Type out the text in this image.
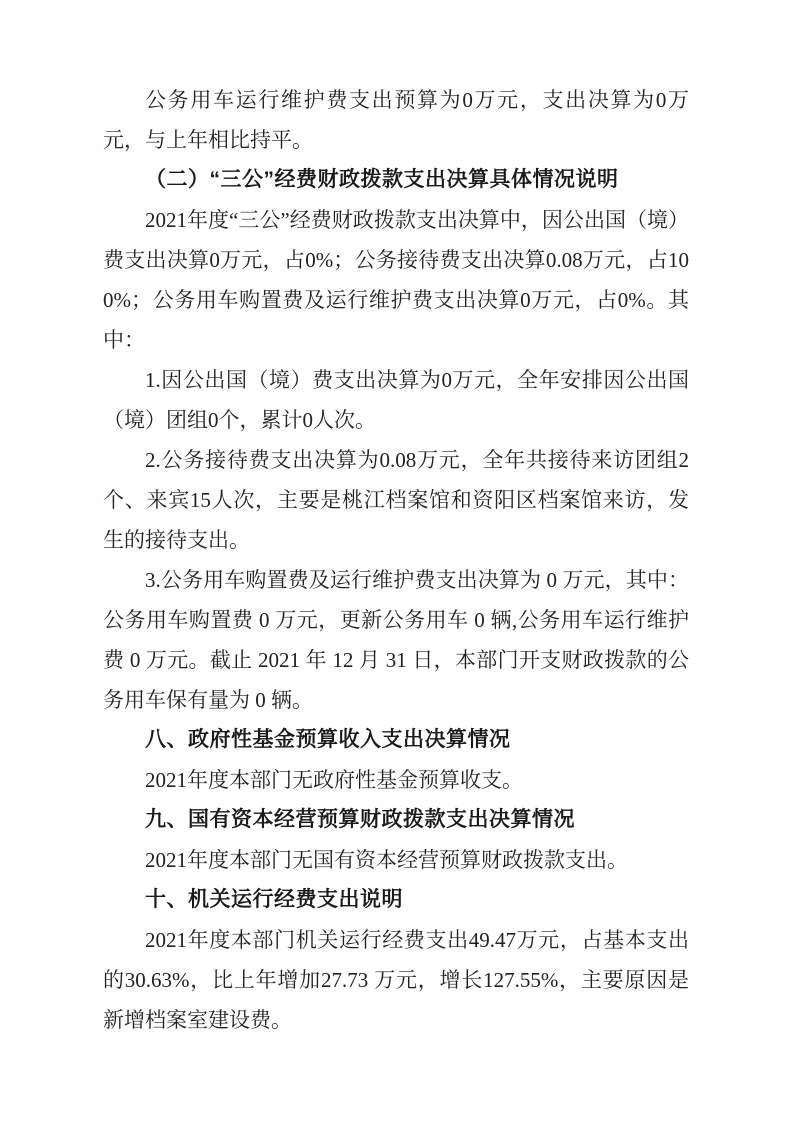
公务用车运行维护费支出预算为0万元，支出决算为0万元，与上年相比持平。

（二）“三公”经费财政拨款支出决算具体情况说明

2021年度“三公”经费财政拨款支出决算中，因公出国（境）费支出决算0万元，占0%；公务接待费支出决算0.08万元，占100%；公务用车购置费及运行维护费支出决算0万元，占0%。其中：

1.因公出国（境）费支出决算为0万元，全年安排因公出国（境）团组0个，累计0人次。

2.公务接待费支出决算为0.08万元，全年共接待来访团组2个、来宾15人次，主要是桃江档案馆和资阳区档案馆来访，发生的接待支出。

3.公务用车购置费及运行维护费支出决算为 0 万元，其中：公务用车购置费 0 万元，更新公务用车 0 辆,公务用车运行维护费 0 万元。截止 2021 年 12 月 31 日，本部门开支财政拨款的公务用车保有量为 0 辆。

八、政府性基金预算收入支出决算情况

2021年度本部门无政府性基金预算收支。

九、国有资本经营预算财政拨款支出决算情况

2021年度本部门无国有资本经营预算财政拨款支出。

十、机关运行经费支出说明

2021年度本部门机关运行经费支出49.47万元，占基本支出的30.63%，比上年增加27.73 万元，增长127.55%，主要原因是新增档案室建设费。
